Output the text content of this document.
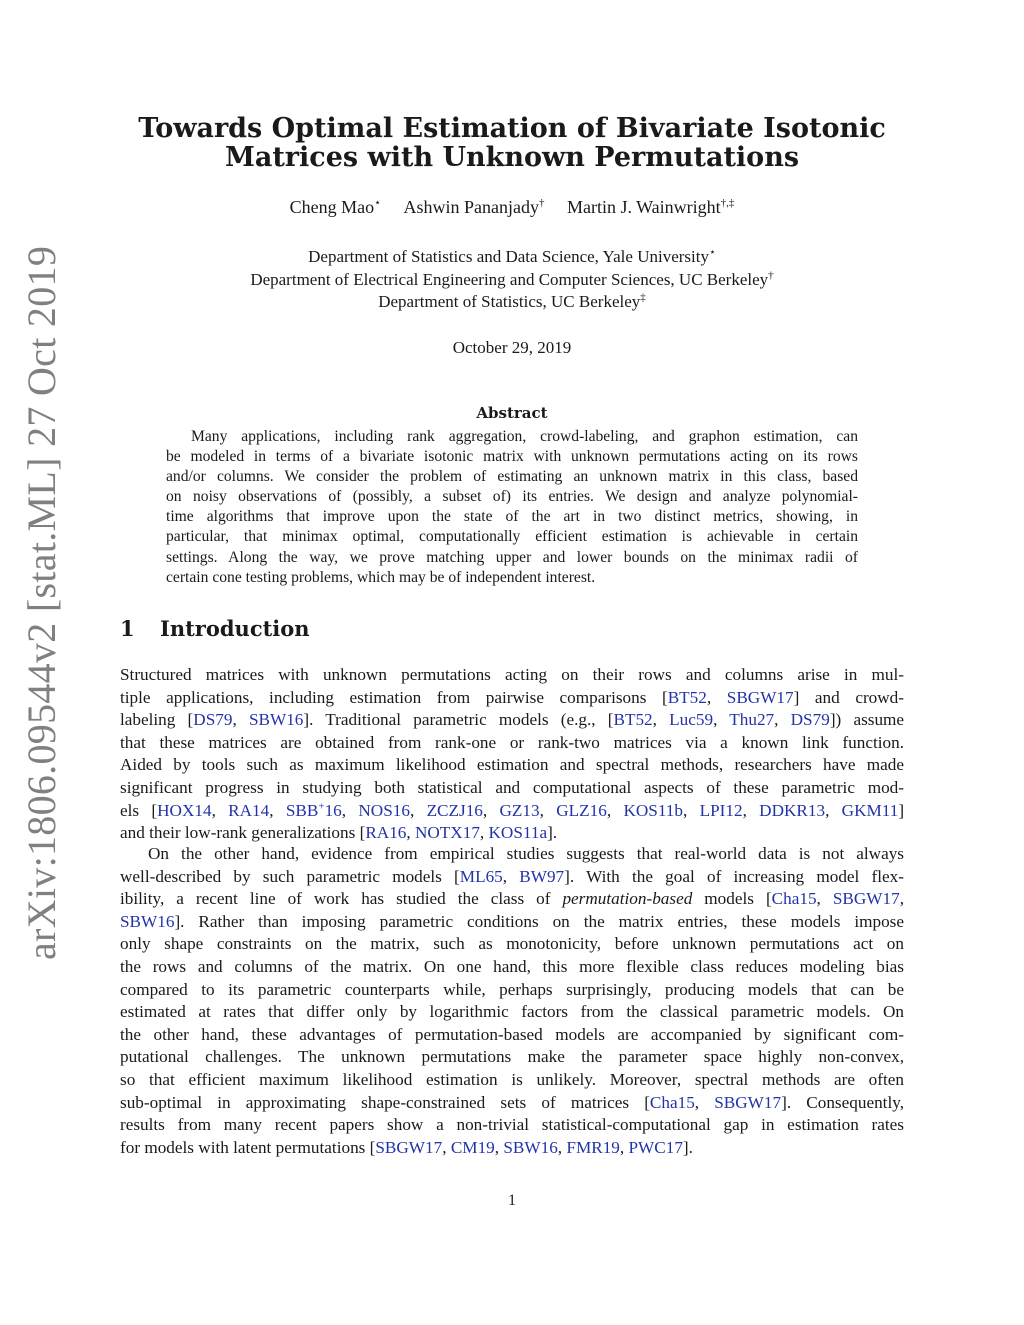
arXiv:1806.09544v2 [stat.ML] 27 Oct 2019
Towards Optimal Estimation of Bivariate Isotonic
Matrices with Unknown Permutations
Cheng Mao⋆ Ashwin Pananjady† Martin J. Wainwright†,‡
Department of Statistics and Data Science, Yale University⋆
Department of Electrical Engineering and Computer Sciences, UC Berkeley†
Department of Statistics, UC Berkeley‡
October 29, 2019
Abstract
Many applications, including rank aggregation, crowd-labeling, and graphon estimation, can
be modeled in terms of a bivariate isotonic matrix with unknown permutations acting on its rows
and/or columns. We consider the problem of estimating an unknown matrix in this class, based
on noisy observations of (possibly, a subset of) its entries. We design and analyze polynomial-
time algorithms that improve upon the state of the art in two distinct metrics, showing, in
particular, that minimax optimal, computationally efficient estimation is achievable in certain
settings. Along the way, we prove matching upper and lower bounds on the minimax radii of
certain cone testing problems, which may be of independent interest.
1 Introduction
Structured matrices with unknown permutations acting on their rows and columns arise in mul-
tiple applications, including estimation from pairwise comparisons [BT52, SBGW17] and crowd-
labeling [DS79, SBW16]. Traditional parametric models (e.g., [BT52, Luc59, Thu27, DS79]) assume
that these matrices are obtained from rank-one or rank-two matrices via a known link function.
Aided by tools such as maximum likelihood estimation and spectral methods, researchers have made
significant progress in studying both statistical and computational aspects of these parametric mod-
els [HOX14, RA14, SBB+16, NOS16, ZCZJ16, GZ13, GLZ16, KOS11b, LPI12, DDKR13, GKM11]
and their low-rank generalizations [RA16, NOTX17, KOS11a].
On the other hand, evidence from empirical studies suggests that real-world data is not always
well-described by such parametric models [ML65, BW97]. With the goal of increasing model flex-
ibility, a recent line of work has studied the class of permutation-based models [Cha15, SBGW17,
SBW16]. Rather than imposing parametric conditions on the matrix entries, these models impose
only shape constraints on the matrix, such as monotonicity, before unknown permutations act on
the rows and columns of the matrix. On one hand, this more flexible class reduces modeling bias
compared to its parametric counterparts while, perhaps surprisingly, producing models that can be
estimated at rates that differ only by logarithmic factors from the classical parametric models. On
the other hand, these advantages of permutation-based models are accompanied by significant com-
putational challenges. The unknown permutations make the parameter space highly non-convex,
so that efficient maximum likelihood estimation is unlikely. Moreover, spectral methods are often
sub-optimal in approximating shape-constrained sets of matrices [Cha15, SBGW17]. Consequently,
results from many recent papers show a non-trivial statistical-computational gap in estimation rates
for models with latent permutations [SBGW17, CM19, SBW16, FMR19, PWC17].
1
